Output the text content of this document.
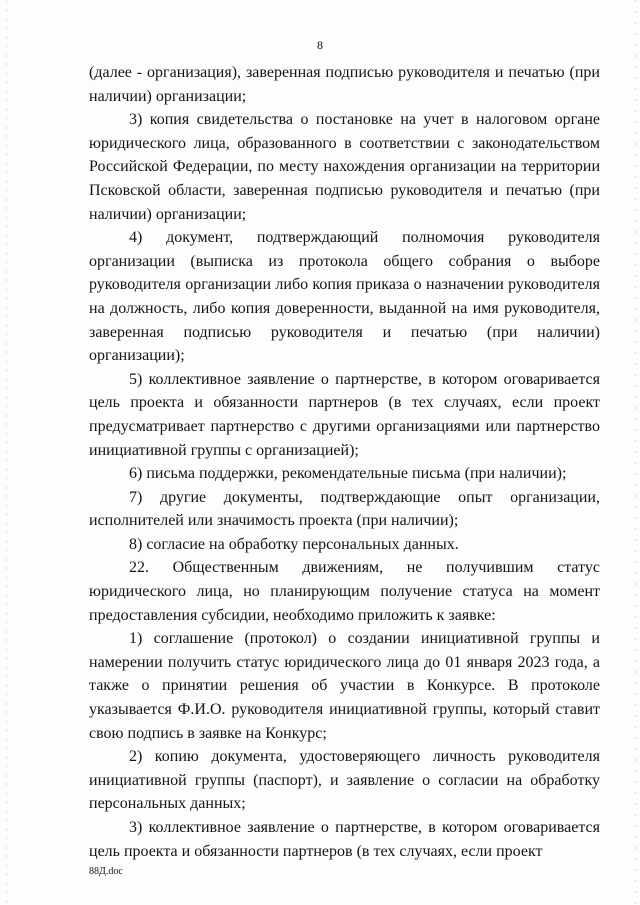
8

(далее - организация), заверенная подписью руководителя и печатью (при наличии) организации;

3) копия свидетельства о постановке на учет в налоговом органе юридического лица, образованного в соответствии с законодательством Российской Федерации, по месту нахождения организации на территории Псковской области, заверенная подписью руководителя и печатью (при наличии) организации;

4) документ, подтверждающий полномочия руководителя организации (выписка из протокола общего собрания о выборе руководителя организации либо копия приказа о назначении руководителя на должность, либо копия доверенности, выданной на имя руководителя, заверенная подписью руководителя и печатью (при наличии) организации);

5) коллективное заявление о партнерстве, в котором оговаривается цель проекта и обязанности партнеров (в тех случаях, если проект предусматривает партнерство с другими организациями или партнерство инициативной группы с организацией);

6) письма поддержки, рекомендательные письма (при наличии);

7) другие документы, подтверждающие опыт организации, исполнителей или значимость проекта (при наличии);

8) согласие на обработку персональных данных.

22. Общественным движениям, не получившим статус юридического лица, но планирующим получение статуса на момент предоставления субсидии, необходимо приложить к заявке:

1) соглашение (протокол) о создании инициативной группы и намерении получить статус юридического лица до 01 января 2023 года, а также о принятии решения об участии в Конкурсе. В протоколе указывается Ф.И.О. руководителя инициативной группы, который ставит свою подпись в заявке на Конкурс;

2) копию документа, удостоверяющего личность руководителя инициативной группы (паспорт), и заявление о согласии на обработку персональных данных;

3) коллективное заявление о партнерстве, в котором оговаривается цель проекта и обязанности партнеров (в тех случаях, если проект

88Д.doc
